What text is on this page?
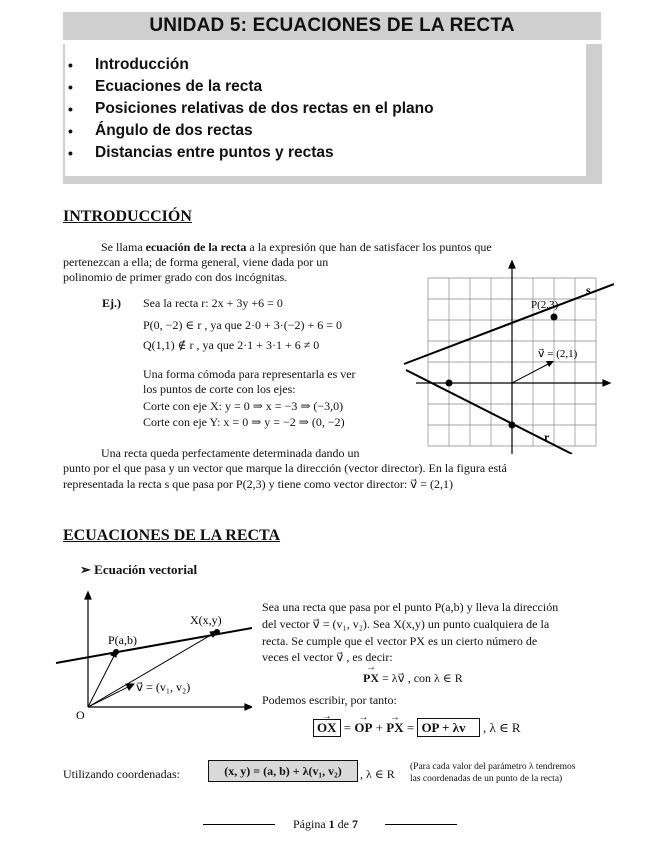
UNIDAD 5: ECUACIONES DE LA RECTA
• Introducción
• Ecuaciones de la recta
• Posiciones relativas de dos rectas en el plano
• Ángulo de dos rectas
• Distancias entre puntos y rectas
INTRODUCCIÓN
Se llama ecuación de la recta a la expresión que han de satisfacer los puntos que
pertenezcan a ella; de forma general, viene dada por un
polinomio de primer grado con dos incógnitas.
Ej.) Sea la recta r: 2x + 3y +6 = 0
P(0, −2) ∈ r , ya que 2·0 + 3·(−2) + 6 = 0
Q(1,1) ∉ r , ya que 2·1 + 3·1 + 6 ≠ 0
Una forma cómoda para representarla es ver
los puntos de corte con los ejes:
Corte con eje X: y = 0 ⇒ x = −3 ⇒ (−3,0)
Corte con eje Y: x = 0 ⇒ y = −2 ⇒ (0, −2)
Una recta queda perfectamente determinada dando un
punto por el que pasa y un vector que marque la dirección (vector director). En la figura está
representada la recta s que pasa por P(2,3) y tiene como vector director: v⃗ = (2,1)
s
r
P(2,3)
v⃗ = (2,1)
ECUACIONES DE LA RECTA
➢ Ecuación vectorial
O
P(a,b)
X(x,y)
v⃗ = (v₁, v₂)
Sea una recta que pasa por el punto P(a,b) y lleva la dirección
del vector v⃗ = (v₁, v₂). Sea X(x,y) un punto cualquiera de la
recta. Se cumple que el vector PX es un cierto número de
veces el vector v⃗ , es decir:
→ PX = λv⃗ , con λ ∈ R
Podemos escribir, por tanto:
→ OX = → OP + → PX = OP + λv⃗ , λ ∈ R
Utilizando coordenadas:	(x, y) = (a, b) + λ(v₁, v₂)	, λ ∈ R (Para cada valor del parámetro λ tendremos
las coordenadas de un punto de la recta)
Página 1 de 7
